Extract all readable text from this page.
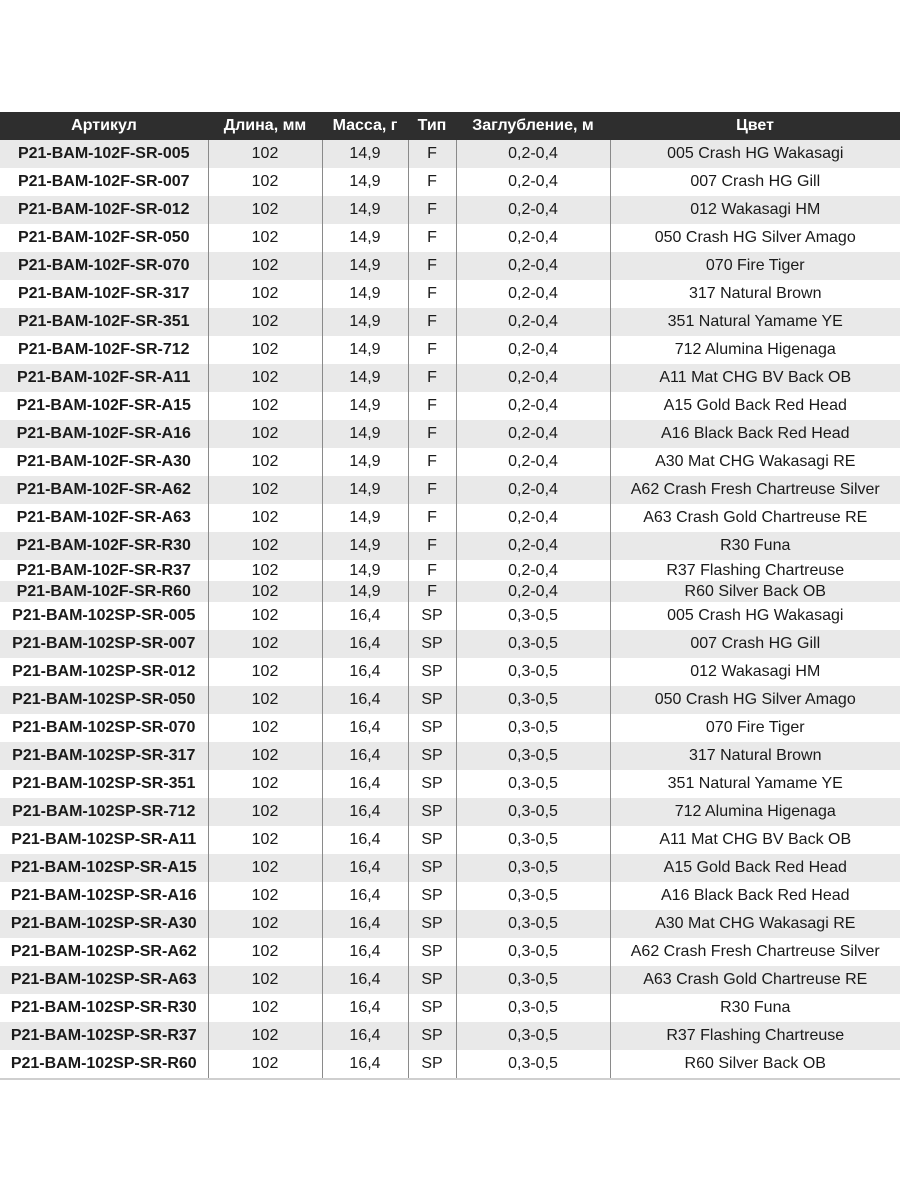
Артикул	Длина, мм	Масса, г	Тип	Заглубление, м	Цвет
P21-BAM-102F-SR-005	102	14,9	F	0,2-0,4	005 Crash HG Wakasagi
P21-BAM-102F-SR-007	102	14,9	F	0,2-0,4	007 Crash HG Gill
P21-BAM-102F-SR-012	102	14,9	F	0,2-0,4	012 Wakasagi HM
P21-BAM-102F-SR-050	102	14,9	F	0,2-0,4	050 Crash HG Silver Amago
P21-BAM-102F-SR-070	102	14,9	F	0,2-0,4	070 Fire Tiger
P21-BAM-102F-SR-317	102	14,9	F	0,2-0,4	317 Natural Brown
P21-BAM-102F-SR-351	102	14,9	F	0,2-0,4	351 Natural Yamame YE
P21-BAM-102F-SR-712	102	14,9	F	0,2-0,4	712 Alumina Higenaga
P21-BAM-102F-SR-A11	102	14,9	F	0,2-0,4	A11 Mat CHG BV Back OB
P21-BAM-102F-SR-A15	102	14,9	F	0,2-0,4	A15 Gold Back Red Head
P21-BAM-102F-SR-A16	102	14,9	F	0,2-0,4	A16 Black Back Red Head
P21-BAM-102F-SR-A30	102	14,9	F	0,2-0,4	A30 Mat CHG Wakasagi RE
P21-BAM-102F-SR-A62	102	14,9	F	0,2-0,4	A62 Crash Fresh Chartreuse Silver
P21-BAM-102F-SR-A63	102	14,9	F	0,2-0,4	A63 Crash Gold Chartreuse RE
P21-BAM-102F-SR-R30	102	14,9	F	0,2-0,4	R30 Funa
P21-BAM-102F-SR-R37	102	14,9	F	0,2-0,4	R37 Flashing Chartreuse
P21-BAM-102F-SR-R60	102	14,9	F	0,2-0,4	R60 Silver Back OB
P21-BAM-102SP-SR-005	102	16,4	SP	0,3-0,5	005 Crash HG Wakasagi
P21-BAM-102SP-SR-007	102	16,4	SP	0,3-0,5	007 Crash HG Gill
P21-BAM-102SP-SR-012	102	16,4	SP	0,3-0,5	012 Wakasagi HM
P21-BAM-102SP-SR-050	102	16,4	SP	0,3-0,5	050 Crash HG Silver Amago
P21-BAM-102SP-SR-070	102	16,4	SP	0,3-0,5	070 Fire Tiger
P21-BAM-102SP-SR-317	102	16,4	SP	0,3-0,5	317 Natural Brown
P21-BAM-102SP-SR-351	102	16,4	SP	0,3-0,5	351 Natural Yamame YE
P21-BAM-102SP-SR-712	102	16,4	SP	0,3-0,5	712 Alumina Higenaga
P21-BAM-102SP-SR-A11	102	16,4	SP	0,3-0,5	A11 Mat CHG BV Back OB
P21-BAM-102SP-SR-A15	102	16,4	SP	0,3-0,5	A15 Gold Back Red Head
P21-BAM-102SP-SR-A16	102	16,4	SP	0,3-0,5	A16 Black Back Red Head
P21-BAM-102SP-SR-A30	102	16,4	SP	0,3-0,5	A30 Mat CHG Wakasagi RE
P21-BAM-102SP-SR-A62	102	16,4	SP	0,3-0,5	A62 Crash Fresh Chartreuse Silver
P21-BAM-102SP-SR-A63	102	16,4	SP	0,3-0,5	A63 Crash Gold Chartreuse RE
P21-BAM-102SP-SR-R30	102	16,4	SP	0,3-0,5	R30 Funa
P21-BAM-102SP-SR-R37	102	16,4	SP	0,3-0,5	R37 Flashing Chartreuse
P21-BAM-102SP-SR-R60	102	16,4	SP	0,3-0,5	R60 Silver Back OB
